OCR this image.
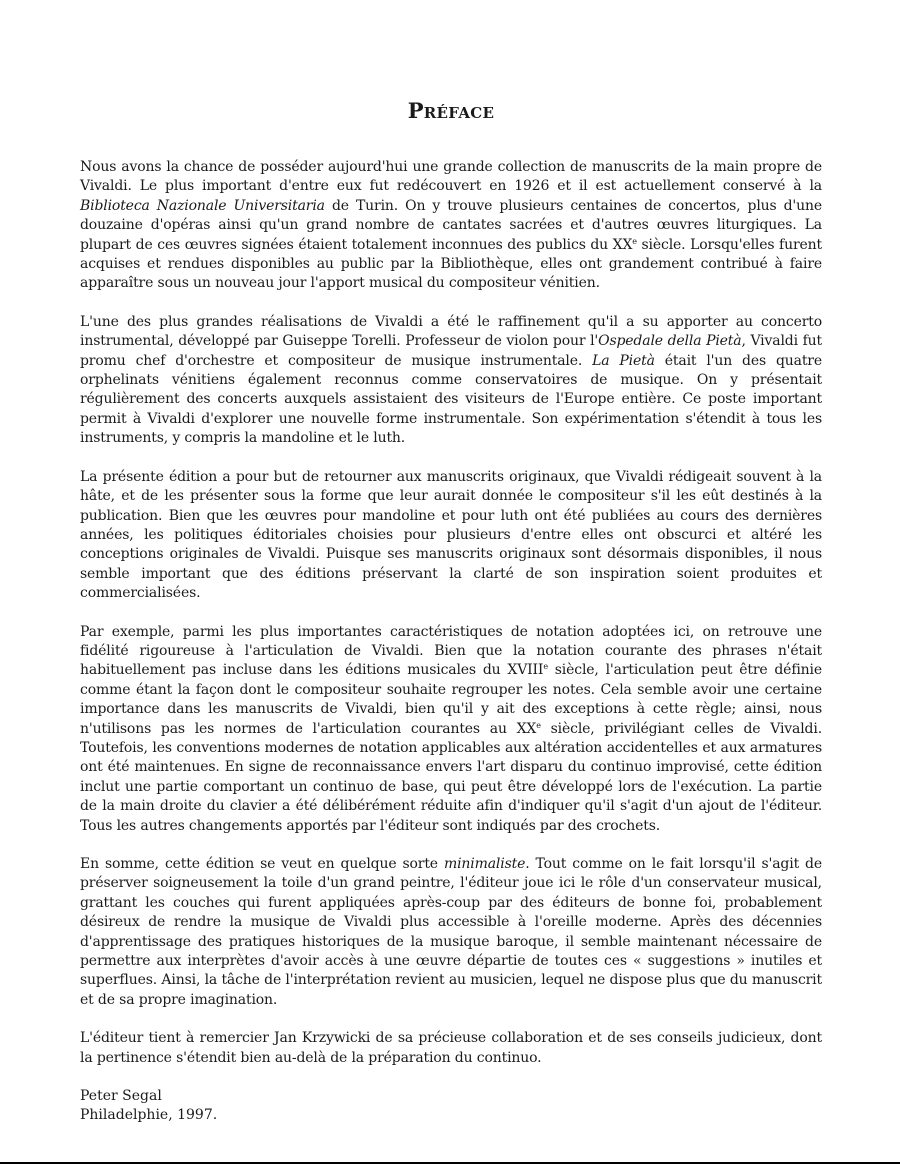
Préface

Nous avons la chance de posséder aujourd'hui une grande collection de manuscrits de la main propre de Vivaldi. Le plus important d'entre eux fut redécouvert en 1926 et il est actuellement conservé à la Biblioteca Nazionale Universitaria de Turin. On y trouve plusieurs centaines de concertos, plus d'une douzaine d'opéras ainsi qu'un grand nombre de cantates sacrées et d'autres œuvres liturgiques. La plupart de ces œuvres signées étaient totalement inconnues des publics du XXe siècle. Lorsqu'elles furent acquises et rendues disponibles au public par la Bibliothèque, elles ont grandement contribué à faire apparaître sous un nouveau jour l'apport musical du compositeur vénitien.

L'une des plus grandes réalisations de Vivaldi a été le raffinement qu'il a su apporter au concerto instrumental, développé par Guiseppe Torelli. Professeur de violon pour l'Ospedale della Pietà, Vivaldi fut promu chef d'orchestre et compositeur de musique instrumentale. La Pietà était l'un des quatre orphelinats vénitiens également reconnus comme conservatoires de musique. On y présentait régulièrement des concerts auxquels assistaient des visiteurs de l'Europe entière. Ce poste important permit à Vivaldi d'explorer une nouvelle forme instrumentale. Son expérimentation s'étendit à tous les instruments, y compris la mandoline et le luth.

La présente édition a pour but de retourner aux manuscrits originaux, que Vivaldi rédigeait souvent à la hâte, et de les présenter sous la forme que leur aurait donnée le compositeur s'il les eût destinés à la publication. Bien que les œuvres pour mandoline et pour luth ont été publiées au cours des dernières années, les politiques éditoriales choisies pour plusieurs d'entre elles ont obscurci et altéré les conceptions originales de Vivaldi. Puisque ses manuscrits originaux sont désormais disponibles, il nous semble important que des éditions préservant la clarté de son inspiration soient produites et commercialisées.

Par exemple, parmi les plus importantes caractéristiques de notation adoptées ici, on retrouve une fidélité rigoureuse à l'articulation de Vivaldi. Bien que la notation courante des phrases n'était habituellement pas incluse dans les éditions musicales du XVIIIe siècle, l'articulation peut être définie comme étant la façon dont le compositeur souhaite regrouper les notes. Cela semble avoir une certaine importance dans les manuscrits de Vivaldi, bien qu'il y ait des exceptions à cette règle; ainsi, nous n'utilisons pas les normes de l'articulation courantes au XXe siècle, privilégiant celles de Vivaldi. Toutefois, les conventions modernes de notation applicables aux altération accidentelles et aux armatures ont été maintenues. En signe de reconnaissance envers l'art disparu du continuo improvisé, cette édition inclut une partie comportant un continuo de base, qui peut être développé lors de l'exécution. La partie de la main droite du clavier a été délibérément réduite afin d'indiquer qu'il s'agit d'un ajout de l'éditeur. Tous les autres changements apportés par l'éditeur sont indiqués par des crochets.

En somme, cette édition se veut en quelque sorte minimaliste. Tout comme on le fait lorsqu'il s'agit de préserver soigneusement la toile d'un grand peintre, l'éditeur joue ici le rôle d'un conservateur musical, grattant les couches qui furent appliquées après-coup par des éditeurs de bonne foi, probablement désireux de rendre la musique de Vivaldi plus accessible à l'oreille moderne. Après des décennies d'apprentissage des pratiques historiques de la musique baroque, il semble maintenant nécessaire de permettre aux interprètes d'avoir accès à une œuvre départie de toutes ces « suggestions » inutiles et superflues. Ainsi, la tâche de l'interprétation revient au musicien, lequel ne dispose plus que du manuscrit et de sa propre imagination.

L'éditeur tient à remercier Jan Krzywicki de sa précieuse collaboration et de ses conseils judicieux, dont la pertinence s'étendit bien au-delà de la préparation du continuo.

Peter Segal
Philadelphie, 1997.
